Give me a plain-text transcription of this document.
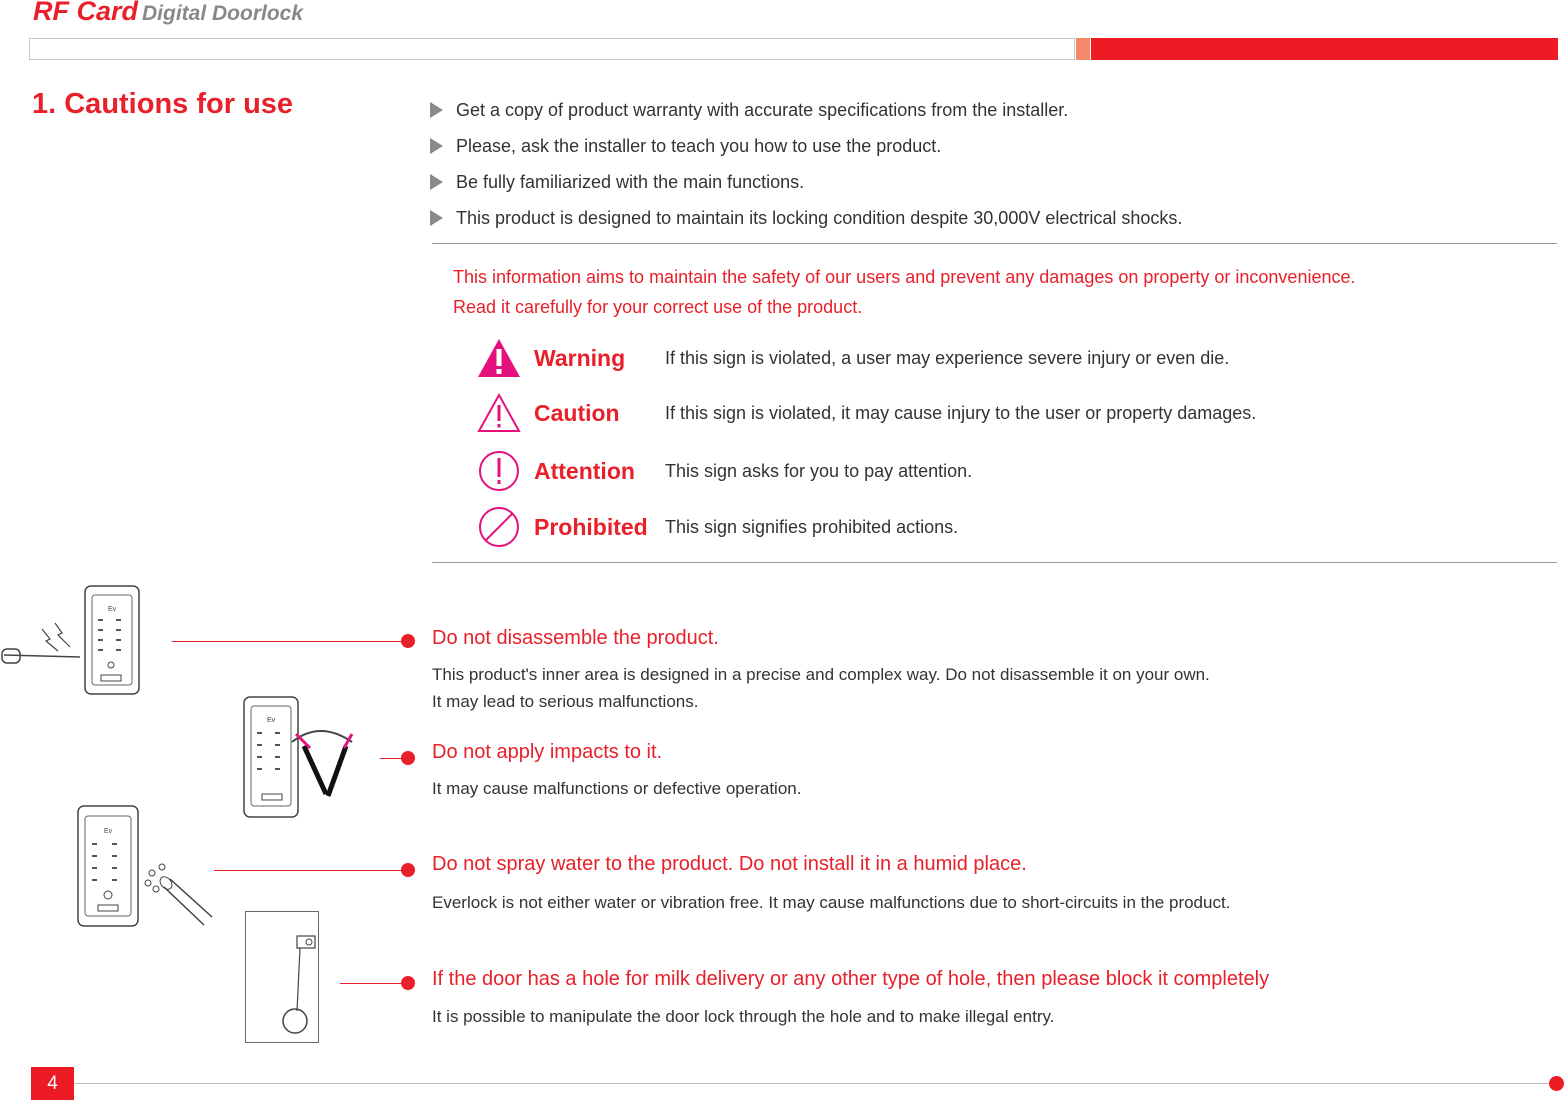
RF Card Digital Doorlock
1. Cautions for use	Get a copy of product warranty with accurate specifications from the installer.
Please, ask the installer to teach you how to use the product.
Be fully familiarized with the main functions.
This product is designed to maintain its locking condition despite 30,000V electrical shocks.
This information aims to maintain the safety of our users and prevent any damages on property or inconvenience.
Read it carefully for your correct use of the product.
Warning	If this sign is violated, a user may experience severe injury or even die.
Caution	If this sign is violated, it may cause injury to the user or property damages.
Attention	This sign asks for you to pay attention.
Prohibited This sign signifies prohibited actions.
Ev
Ev
Ev
Do not disassemble the product.
This product's inner area is designed in a precise and complex way. Do not disassemble it on your own.
It may lead to serious malfunctions.
Do not apply impacts to it.
It may cause malfunctions or defective operation.
Do not spray water to the product. Do not install it in a humid place.
Everlock is not either water or vibration free. It may cause malfunctions due to short-circuits in the product.
If the door has a hole for milk delivery or any other type of hole, then please block it completely
It is possible to manipulate the door lock through the hole and to make illegal entry.
4
